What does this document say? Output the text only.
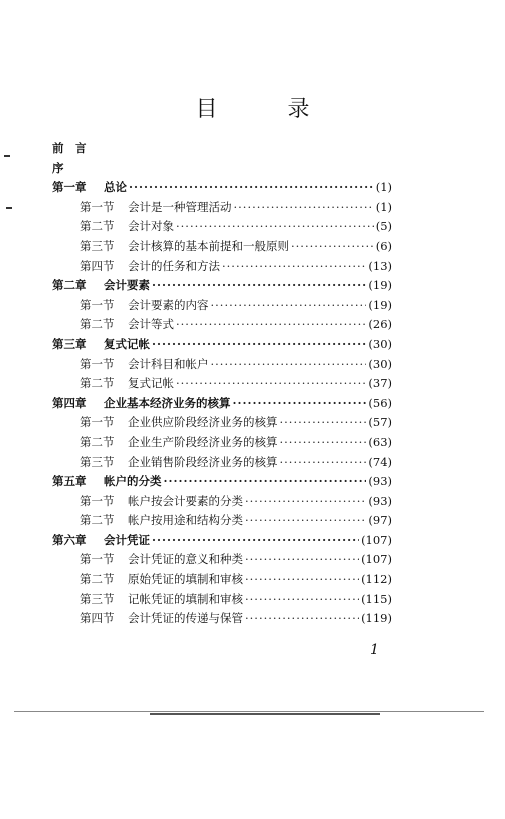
目　录
前　言
序
第一章	总论 ·····	(1)
第一节	会计是一种管理活动 ·····	(1)
第二节	会计对象 ·····	(5)
第三节	会计核算的基本前提和一般原则 ·····	(6)
第四节	会计的任务和方法 ·····	(13)
第二章	会计要素 ·····	(19)
第一节	会计要素的内容 ·····	(19)
第二节	会计等式 ·····	(26)
第三章	复式记帐 ·····	(30)
第一节	会计科目和帐户 ·····	(30)
第二节	复式记帐 ·····	(37)
第四章	企业基本经济业务的核算 ·····	(56)
第一节	企业供应阶段经济业务的核算 ·····	(57)
第二节	企业生产阶段经济业务的核算 ·····	(63)
第三节	企业销售阶段经济业务的核算 ·····	(74)
第五章	帐户的分类 ·····	(93)
第一节	帐户按会计要素的分类 ·····	(93)
第二节	帐户按用途和结构分类 ·····	(97)
第六章	会计凭证 ·····	(107)
第一节	会计凭证的意义和种类 ·····	(107)
第二节	原始凭证的填制和审核 ·····	(112)
第三节	记帐凭证的填制和审核 ·····	(115)
第四节	会计凭证的传递与保管 ·····	(119)
1
